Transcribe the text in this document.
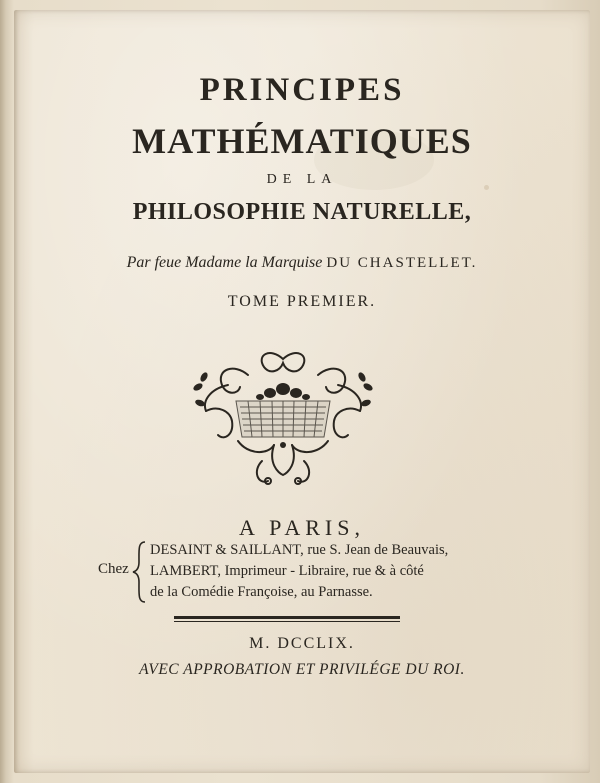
PRINCIPES
MATHÉMATIQUES
DE LA
PHILOSOPHIE NATURELLE,
Par feue Madame la Marquise DU CHASTELLET.
TOME PREMIER.
A PARIS,
Chez
DESAINT & SAILLANT, rue S. Jean de Beauvais,
LAMBERT, Imprimeur - Libraire, rue & à côté
de la Comédie Françoise, au Parnasse.
M. DCCLIX.
AVEC APPROBATION ET PRIVILÉGE DU ROI.
